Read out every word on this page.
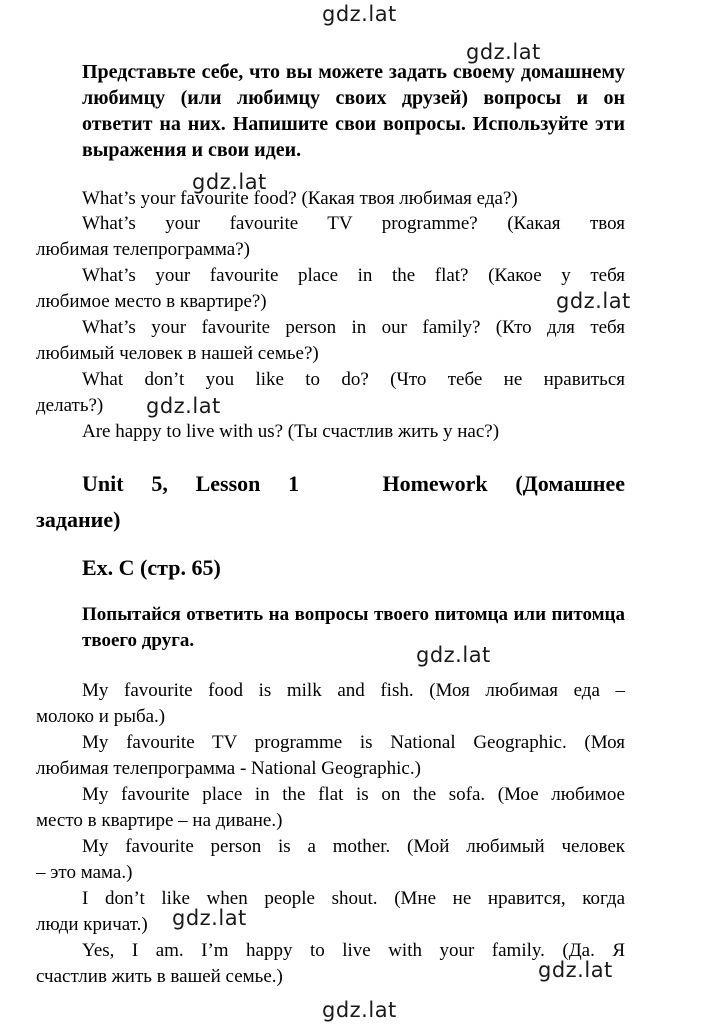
Представьте себе, что вы можете задать своему домашнему любимцу (или любимцу своих друзей) вопросы и он ответит на них. Напишите свои вопросы. Используйте эти выражения и свои идеи.
What’s your favourite food? (Какая твоя любимая еда?)
What’s your favourite TV programme? (Какая твоя
любимая телепрограмма?)
What’s your favourite place in the flat? (Какое у тебя
любимое место в квартире?)
What’s your favourite person in our family? (Кто для тебя
любимый человек в нашей семье?)
What don’t you like to do? (Что тебе не нравиться
делать?)
Are happy to live with us? (Ты счастлив жить у нас?)
Unit 5, Lesson 1   Homework (Домашнее
задание)
Ex. C (стр. 65)
Попытайся ответить на вопросы твоего питомца или питомца твоего друга.
My favourite food is milk and fish. (Моя любимая еда –
молоко и рыба.)
My favourite TV programme is National Geographic. (Моя
любимая телепрограмма - National Geographic.)
My favourite place in the flat is on the sofa. (Мое любимое
место в квартире – на диване.)
My favourite person is a mother. (Мой любимый человек
– это мама.)
I don’t like when people shout. (Мне не нравится, когда
люди кричат.)
Yes, I am. I’m happy to live with your family. (Да. Я
счастлив жить в вашей семье.)
gdz.lat
gdz.lat
gdz.lat
gdz.lat
gdz.lat
gdz.lat
gdz.lat
gdz.lat
gdz.lat
